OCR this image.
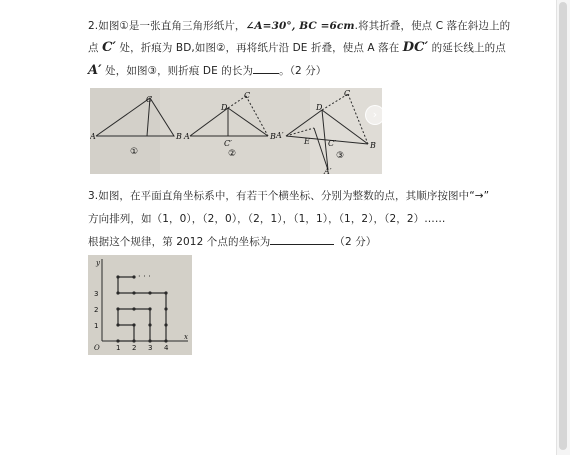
2.如图①是一张直角三角形纸片，∠A=30°, BC =6cm.将其折叠，使点 C 落在斜边上的
点 C′ 处，折痕为 BD,如图②，再将纸片沿 DE 折叠，使点 A 落在 DC′ 的延长线上的点
A′ 处，如图③，则折痕 DE 的长为 。（2 分）
C
A	B
①
C
D
C′
A	B
②
C
D
A′
E C′
A′
B
③
›
3.如图，在平面直角坐标系中，有若干个横坐标、分别为整数的点，其顺序按图中“→”
方向排列，如（1，0），（2，0），（2，1），（1，1），（1，2），（2，2）……
根据这个规律，第 2012 个点的坐标为	（2 分）
· · ·
y
x
O 1 2 3 4
1
2
3
